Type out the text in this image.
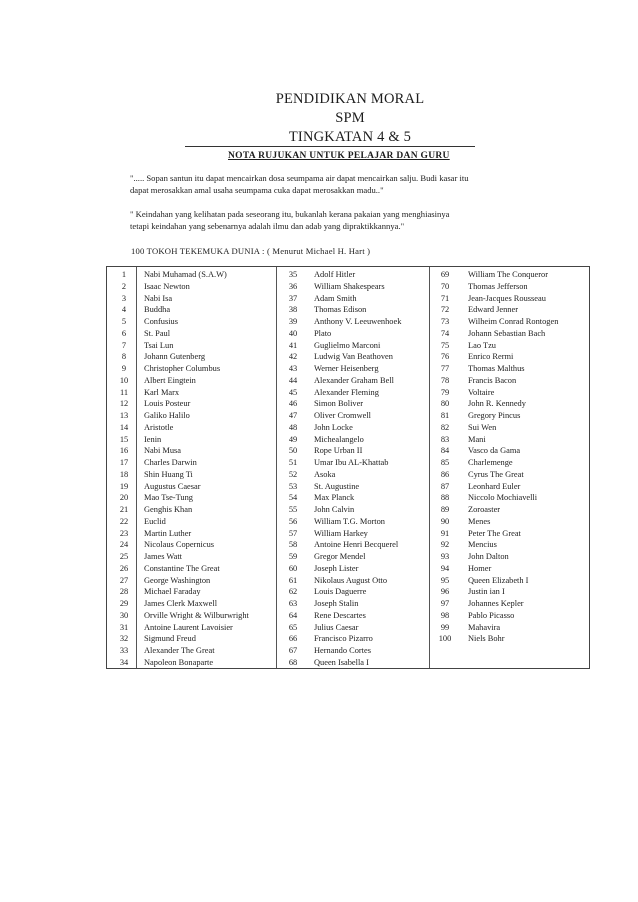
PENDIDIKAN MORAL
SPM
TINGKATAN 4 & 5
NOTA RUJUKAN UNTUK PELAJAR DAN GURU
"..... Sopan santun itu dapat mencairkan dosa seumpama air dapat mencairkan salju. Budi kasar itu dapat merosakkan amal usaha seumpama cuka dapat merosakkan madu.."
" Keindahan yang kelihatan pada seseorang itu, bukanlah kerana pakaian yang menghiasinya tetapi keindahan yang sebenarnya adalah ilmu dan adab yang dipraktikkannya."
100 TOKOH TEKEMUKA DUNIA : ( Menurut Michael H. Hart )
1	Nabi Muhamad (S.A.W)	35	Adolf Hitler	69	William The Conqueror
2	Isaac Newton	36	William Shakespears	70	Thomas Jefferson
3	Nabi Isa	37	Adam Smith	71	Jean-Jacques Rousseau
4	Buddha	38	Thomas Edison	72	Edward Jenner
5	Confusius	39	Anthony V. Leeuwenhoek	73	Wilheim Conrad Rontogen
6	St. Paul	40	Plato	74	Johann Sebastian Bach
7	Tsai Lun	41	Guglielmo Marconi	75	Lao Tzu
8	Johann Gutenberg	42	Ludwig Van Beathoven	76	Enrico Rermi
9	Christopher Columbus	43	Werner Heisenberg	77	Thomas Malthus
10	Albert Eingtein	44	Alexander Graham Bell	78	Francis Bacon
11	Karl Marx	45	Alexander Fleming	79	Voltaire
12	Louis Posteur	46	Simon Boliver	80	John R. Kennedy
13	Galiko Halilo	47	Oliver Cromwell	81	Gregory Pincus
14	Aristotle	48	John Locke	82	Sui Wen
15	Ienin	49	Michealangelo	83	Mani
16	Nabi Musa	50	Rope Urban II	84	Vasco da Gama
17	Charles Darwin	51	Umar Ibu AL-Khattab	85	Charlemenge
18	Shin Huang Ti	52	Asoka	86	Cyrus The Great
19	Augustus Caesar	53	St. Augustine	87	Leonhard Euler
20	Mao Tse-Tung	54	Max Planck	88	Niccolo Mochiavelli
21	Genghis Khan	55	John Calvin	89	Zoroaster
22	Euclid	56	William T.G. Morton	90	Menes
23	Martin Luther	57	William Harkey	91	Peter The Great
24	Nicolaus Copernicus	58	Antoine Henri Becquerel	92	Mencius
25	James Watt	59	Gregor Mendel	93	John Dalton
26	Constantine The Great	60	Joseph Lister	94	Homer
27	George Washington	61	Nikolaus August Otto	95	Queen Elizabeth I
28	Michael Faraday	62	Louis Daguerre	96	Justin ian I
29	James Clerk Maxwell	63	Joseph Stalin	97	Johannes Kepler
30	Orville Wright & Wilburwright	64	Rene Descartes	98	Pablo Picasso
31	Antoine Laurent Lavoisier	65	Julius Caesar	99	Mahavira
32	Sigmund Freud	66	Francisco Pizarro	100	Niels Bohr
33	Alexander The Great	67	Hernando Cortes
34	Napoleon Bonaparte	68	Queen Isabella I
